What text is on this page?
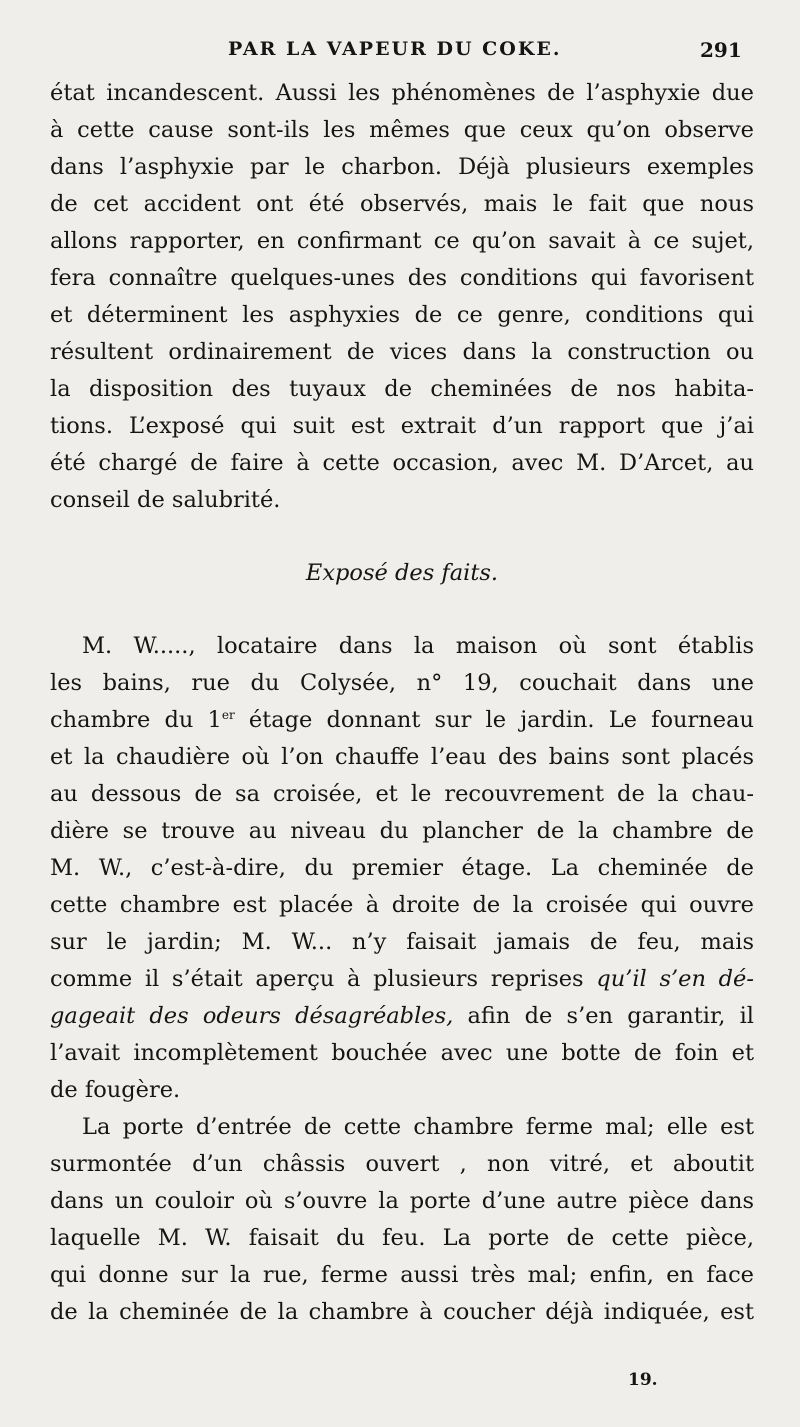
PAR LA VAPEUR DU COKE.	291
état incandescent. Aussi les phénomènes de l’asphyxie due
à cette cause sont-ils les mêmes que ceux qu’on observe
dans l’asphyxie par le charbon. Déjà plusieurs exemples
de cet accident ont été observés, mais le fait que nous
allons rapporter, en confirmant ce qu’on savait à ce sujet,
fera connaître quelques-unes des conditions qui favorisent
et déterminent les asphyxies de ce genre, conditions qui
résultent ordinairement de vices dans la construction ou
la disposition des tuyaux de cheminées de nos habita-
tions. L’exposé qui suit est extrait d’un rapport que j’ai
été chargé de faire à cette occasion, avec M. D’Arcet, au
conseil de salubrité.
Exposé des faits.
M. W....., locataire dans la maison où sont établis
les bains, rue du Colysée, n° 19, couchait dans une
chambre du 1er étage donnant sur le jardin. Le fourneau
et la chaudière où l’on chauffe l’eau des bains sont placés
au dessous de sa croisée, et le recouvrement de la chau-
dière se trouve au niveau du plancher de la chambre de
M. W., c’est-à-dire, du premier étage. La cheminée de
cette chambre est placée à droite de la croisée qui ouvre
sur le jardin; M. W... n’y faisait jamais de feu, mais
comme il s’était aperçu à plusieurs reprises qu’il s’en dé-
gageait des odeurs désagréables, afin de s’en garantir, il
l’avait incomplètement bouchée avec une botte de foin et
de fougère.
La porte d’entrée de cette chambre ferme mal; elle est
surmontée d’un châssis ouvert , non vitré, et aboutit
dans un couloir où s’ouvre la porte d’une autre pièce dans
laquelle M. W. faisait du feu. La porte de cette pièce,
qui donne sur la rue, ferme aussi très mal; enfin, en face
de la cheminée de la chambre à coucher déjà indiquée, est
19.
